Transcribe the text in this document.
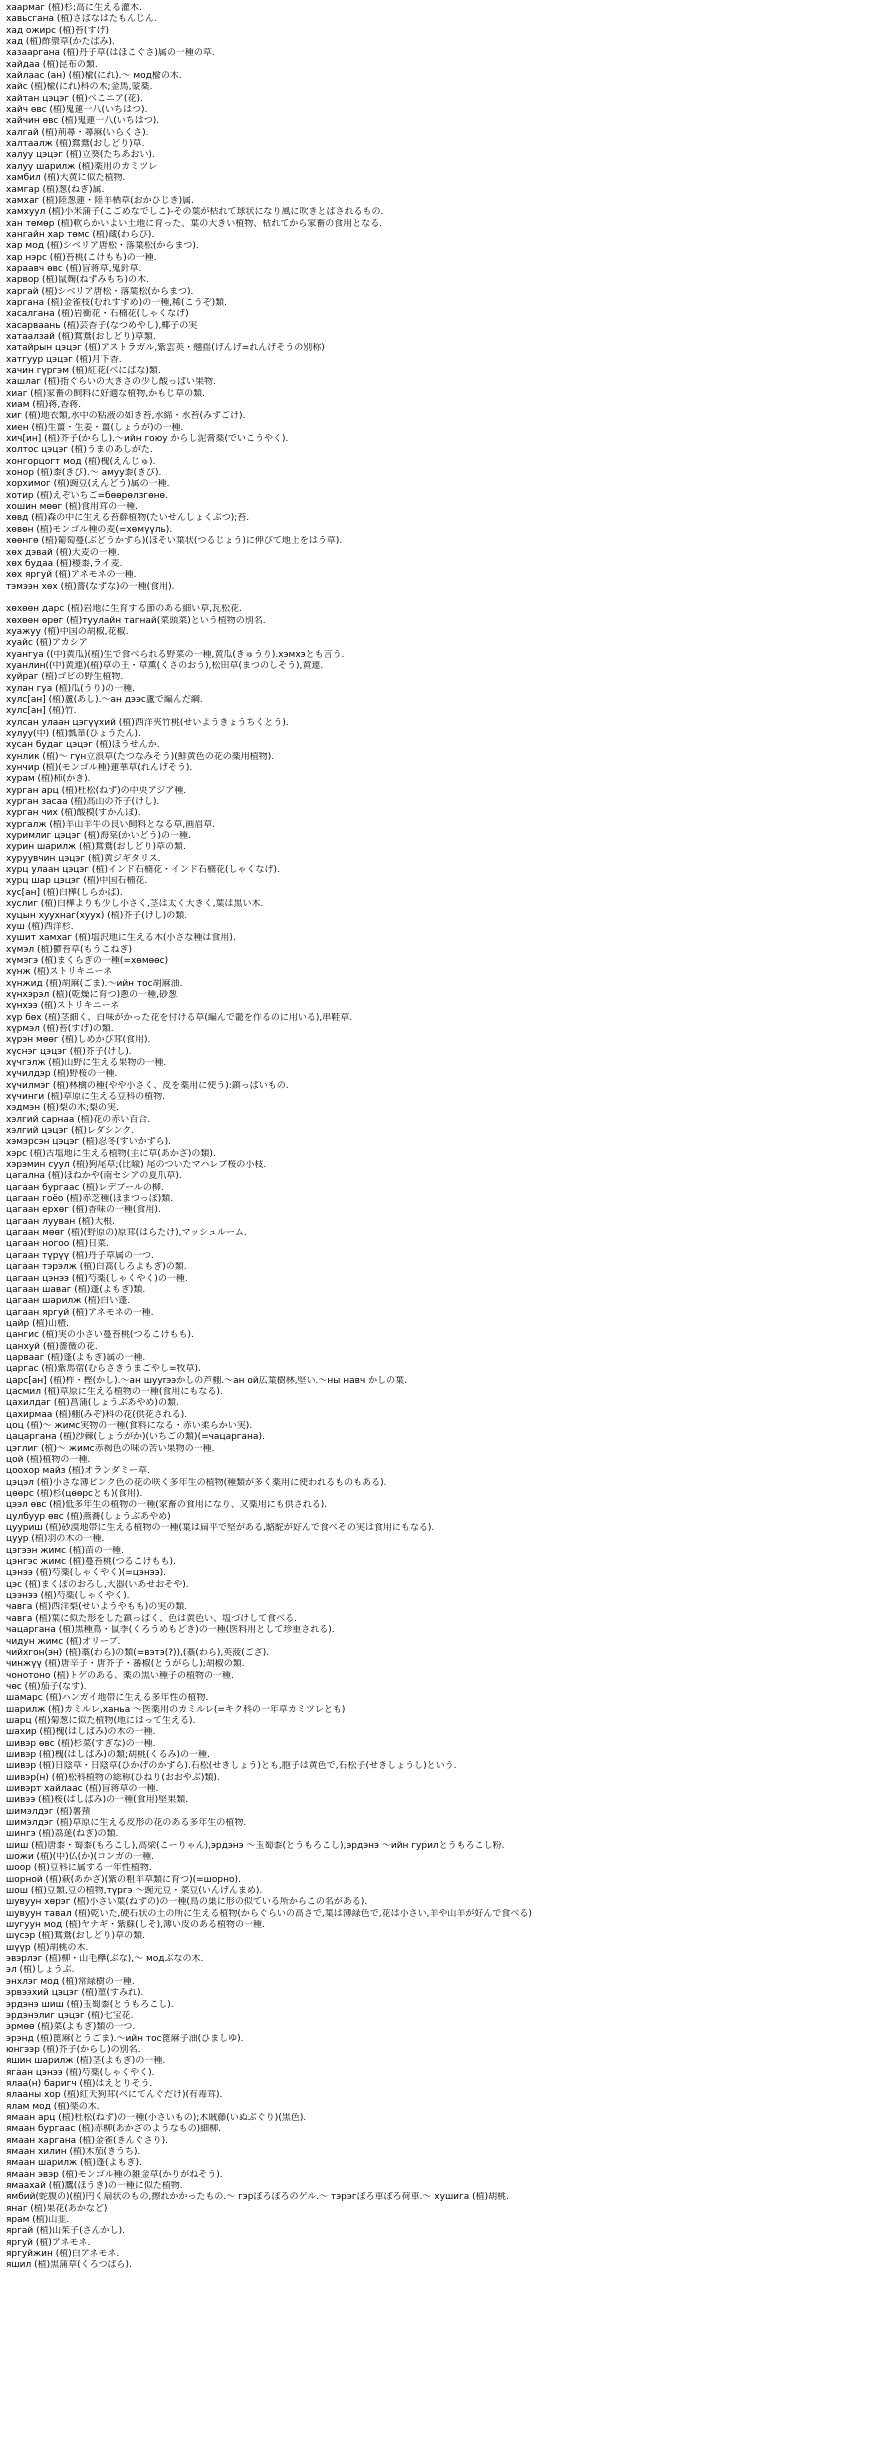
хаармаг (植)杉;高に生える灌木.
хавьсгана (植)さばなはたもんじん.
хад ожирс (植)苔(すげ)
хад (植)酢漿草(かたばみ).
хазаарганa (植)丹子草(はほこぐさ)属の一種の草.
хайдаа (植)昆布の類.
хайлаас (ан) (植)楡(にれ).～ мод楡の木.
хайс (植)楡(にれ)科の木;金馬,蒙薬.
хайтан цэцэг (植)べこニア(花).
хайч өвс (植)鬼蓮一八(いちはつ).
хайчин өвс (植)鬼蓮一八(いちはつ).
халгай (植)荊蕁・蕁麻(いらくさ).
халтаалж (植)鴛鴦(おしどり)草.
халуу цэцэг (植)立葵(たちあおい).
халуу шарилж (植)薬用のカミツレ
хамбил (植)大黄に似た植物.
хамгар (植)葱(ねぎ)属.
хамхаг (植)陸葱蓮・陸羊栖草(おかひじき)属.
хамхуул (植)小米蒲子(こごめなでしこ)-その葉が枯れて球状になり風に吹きとばされるもの.
хан төмөр (植)軟らかいよい土地に育った、葉の大きい植物、枯れてから家畜の食用となる.
хангайн хар төмс (植)蔵(わらび).
хар мод (植)シベリア唐松・落葉松(からまつ).
хар нэрс (植)苔桃(こけもも)の一種.
хараавч өвс (植)盲蒋草,鬼針草.
харвор (植)鼠麹(ねずみもち)の木.
харгай (植)シベリア唐松・落葉松(からまつ).
харгана (植)金雀枝(むれすずめ)の一種,稀(こうぞ)類.
хасалгана (植)岩衝花・石楠花(しゃくなげ)
хасарваань (植)芸香子(なつめやし),椰子の実
хатаалзай (植)鴛鴦(おしどり)草類.
хатайрын цэцэг (植)アストラガル,紫雲英・翹揺(げんげ=れんげそうの別称)
хатгуур цэцэг (植)月下香.
хачин гүргэм (植)紅花(べにばな)類.
хашлаг (植)指ぐらいの大きさの少し酸っぱい果物.
хиаг (植)家畜の飼料に好適な植物,かもじ草の類.
хиам (植)蒋,香蒋.
хиг (植)地衣類,水中の粘液の如き苔,水綿・水苔(みずごけ).
хиен (植)生薑・生姜・薑(しょうが)の一種.
хич[ин] (植)芥子(からし).～ийн гоюу からし泥膏薬(でいこうやく).
холтос цэцэг (植)うまのあしがた.
хонгорцогт мод (植)槐(えんじゅ).
хонор (植)黍(きび).～ амуу黍(きび).
хорхимог (植)豌豆(えんどう)属の一種.
хотир (植)えぞいちご=бөөрөлзгөнө.
хошин мөөг (植)食用茸の一種.
хөвд (植)森の中に生える苔蘚植物(たいせんしょくぶつ);苔.
хөвөн (植)モンゴル種の麦(=хөмүүль).
хөөнгө (植)葡萄蔓(ぶどうかずら)(ほそい葉状(つるじょう)に伸びて地上をはう草).
хөх дэвай (植)大麦の一種.
хөх будаа (植)稷黍,ライ麦.
хөх яргуй (植)アネモネの一種.
тэмээн хөх (植)薔(なずな)の一種(食用).
хөхөөн дарс (植)岩地に生育する節のある細い草,瓦松花.
хөхөөн өрөг (植)туулайн тагнай(菜頭菜)という植物の別名.
хуажуу (植)中国の胡椒,花椒.
хуайс (植)アカシア
хуангуа ((中)黄瓜)(植)生で食べられる野菜の一種,黄瓜(きゅうり).хэмхэとも言う.
хуанлин((中)黄連)(植)草の王・草薫(くさのおう),松田草(まつのしそう),黄連.
хуйраг (植)ゴビの野生植物.
хулан гуа (植)瓜(うり)の一種.
хулс[ан] (植)蘆(あし).～ан дээс蘆で編んだ綱.
хулс[ан] (植)竹.
хулсан улаан цэгүүхий (植)西洋夾竹桃(せいようきょうちくとう).
хулуу(中) (植)瓢箪(ひょうたん).
хусан будаг цэцэг (植)ほうせんか.
хунлик (植)～ гүн立浪草(たつなみそう)(鮮黄色の花の薬用植物).
хунчир (植)(モンゴル種)蓮華草(れんげそう).
хурам (植)柿(かき).
хурган арц (植)杜松(ねず)の中央アジア種.
хурган засаа (植)高山の芥子(けし).
хурган чих (植)酸模(すかんぼ).
хургалж (植)羊山羊牛の良い飼料となる草,画眉草.
хуримлиг цэцэг (植)海棠(かいどう)の一種.
хурин шарилж (植)鴛鴦(おしどり)草の類.
хуруувчин цэцэг (植)黄ジギタリス.
хурц улаан цэцэг (植)インド石楠花・インド石楠花(しゃくなげ).
хурц шар цэцэг (植)中国石楠花.
хус[ан] (植)白樺(しらかば).
хуслиг (植)白樺よりも少し小さく,茎は太く大きく,葉は黒い木.
хуцын хуухнаг(хуух) (植)芥子(けし)の類.
хуш (植)西洋杉.
хушит хамхаг (植)塩沢地に生える木(小さな種は食用).
хүмэл (植)鬱苔草(もうこねぎ)
хүмэгэ (植)まくらぎの一種(=хөмөөс)
хүнж (植)ストリキニーネ
хүнжид (植)胡麻(ごま).～ийн тос胡麻油.
хүнхэрэл (植)(乾燥に育つ)蔥の一種,砂葱
хүнхээ (植)ストリキニーネ
хүр бөх (植)茎細く、白味がかった花を付ける草(編んで籠を作るのに用いる),串鞋草.
хүрмэл (植)苔(すげ)の類.
хүрэн мөөг (植)しめかび茸(食用).
хүснэг цэцэг (植)芥子(けし).
хүчгэлж (植)山野に生える果物の一種.
хүчилдэр (植)野桜の一種.
хүчилмэг (植)林檎の種(やや小さく、皮を薬用に使う):鎮っぱいもの.
хүчинги (植)草原に生える豆科の植物.
хэдмэн (植)梨の木;梨の実.
хэлгий сарнаа (植)花の赤い百合.
хэлгий цэцэг (植)レダシンク.
хэмэрсэн цэцэг (植)忍冬(すいかずら).
хэрс (植)古塩地に生える植物(主に草(あかざ)の類).
хэрэмин суул (植)狗尾草;(比喩) 尾のついたマハレブ桜の小枝.
цагална (植)ほねかや(南セシアの夏爪草).
цагаан бургаас (植)レデブールの柳.
цагаан гоёо (植)赤芝種(ほまつっぽ)類.
цагаан ерхөг (植)香味の一種(食用).
цагаан лууван (植)大根.
цагаан мөөг (植)(野原の)原茸(はらたけ),マッシュルーム.
цагаан ногоо (植)日菜.
цагаан түрүү (植)丹子草属の一つ.
цагаан тэрэлж (植)白蒿(しろよもぎ)の類.
цагаан цэнээ (植)芍薬(しゃくやく)の一種.
цагаан шаваг (植)蓬(よもぎ)類.
цагаан шарилж (植)白い蓬.
цагаан яргуй (植)アネモネの一種.
цайр (植)山楂.
цангис (植)実の小さい蔓苔桃(つるこけもも).
цанхуй (植)薔薇の花.
царвааг (植)蓬(よもぎ)属の一種.
царгас (植)紫馬蓿(むらさきうまごやし=牧草).
царс[ан] (植)柞・樫(かし).～ан шууrээかしの芦棚.～ан ой広葉樹林,堅い.～ны навч かしの葉.
цасмил (植)草原に生える植物の一種(食用にもなる).
цахилдаг (植)菖蒲(しょうぶあやめ)の類.
цахирмаа (植)棚(みぞ)科の花(供花される).
цоц (植)～ жимс実物の一種(食料になる・赤い柔らかい実).
цацаргана (植)沙棘(しょうがか)(いちごの類)(=чацаргана).
цэглиг (植)～ жимс赤褐色の味の苦い果物の一種.
цой (植)植物の一種.
цоохор майз (植)オランダミー草.
цэцэл (植)小さな薄ピンク色の花の咲く多年生の植物(種類が多く薬用に使われるものもある).
цөөрс (植)杉(цөөрсとも)(食用).
цээл өвс (植)低多年生の植物の一種(家畜の食用になり、又薬用にも供される).
цулбуур өвс (植)燕蕎(しょうぶあやめ)
цууриш (植)砂漠地帯に生える植物の一種(葉は扁平で堅がある,駱駝が好んで食べその実は食用にもなる).
цуур (植)羽の木の一種.
цэгээн жимс (植)苗の一種.
цэнгэс жимс (植)蔓苔桃(つるこけもも).
цэнээ (植)芍薬(しゃくやく)(=цэнээ).
цэс (植)まくぽのおろし,大器(いあせおそや).
цээнээ (植)芍薬(しゃくやく).
чавга (植)西洋梨(せいようやもも)の実の類.
чавга (植)葉に似た形をした鎮っぱく、色は黄色い、塩づけして食べる.
чацаргана (植)黒種蔦・鼠季(くろうめもどき)の一種(医料用として珍重される).
чидун жимс (植)オリーブ.
чийхгон(эн) (植)藁(わら)の類(=вэтэ(?)),(藁(わら),英菠(ござ).
чинжүү (植)唐辛子・唐芥子・蕃椒(とうがらし);胡椒の類.
чонотоно (植)トゲのある、薬の黒い種子の植物の一種.
чөс (植)茄子(なす).
шамарс (植)ハンガイ地帯に生える多年性の植物.
шарилж (植)カミルレ,ханьа ～医薬用のカミルレ(=キク科の一年草カミツレとも)
шарц (植)菊葱に似た植物(地にはって生える).
шахир (植)槐(はしばみ)の木の一種.
шивэр өвс (植)杉菜(すぎな)の一種.
шивэр (植)槐(はしばみ)の類;胡桃(くるみ)の一種.
шивэр (植)日陰草・日陰草(ひかげのかずら).石松(せきしょう)とも,胞子は黄色で,石松子(せきしょうし)という.
шивэр(н) (植)松科植物の総称(ひねり(おおやぶ)類).
шивэрт хайлаас (植)盲蒋草の一種.
шивээ (植)桜(はしばみ)の一種(食用)堅果類.
шимэлдэг (植)薯蕷
шимэлдэг (植)草原に生える皮形の花のある多年生の植物.
шингэ (植)茘蒾(ねぎ)の類.
шиш (植)唐黍・蜀黍(もろこし),高梁(こーりゃん),эрдэнэ ～玉蜀黍(とうもろこし),эрдэнэ ～ийн гурилとうもろこし粉.
шожи (植)(中)仏(か)(コンガの一種.
шоор (植)豆科に属する一年性植物.
шорной (植)萩(あかざ)(紫の粗羊草類に育つ)(=шорно).
шош (植)豆類,豆の植物,түргэ ～豌元豆・菜豆(いんげんまめ).
шувуун хөрэг (植)小さい葉(ねずの)の一種(鳥の巣に形の似ている所からこの名がある).
шувуун тавал (植)乾いた,硬石状の土の所に生える植物(からぐらいの高さで,葉は薄緑色で,花は小さい,羊や山羊が好んで食べる)
шугуун мод (植)ヤナギ・紫蘇(しそ),薄い皮のある植物の一種.
шүсэр (植)鴛鴦(おしどり)草の類.
шүүр (植)胡桃の木.
эвэрлэг (植)柳・山毛欅(ぶな),～ модぶなの木.
эл (植)しょうぶ.
энхлэг мод (植)常緑樹の一種.
эрвээхий цэцэг (植)菫(すみれ).
эрдэнэ шиш (植)玉蜀黍(とうもろこし).
эрдэнэлиг цэцэг (植)七宝花.
эрмөө (植)菜(よもぎ)類の一つ.
эрэнд (植)蓖麻(とうごま).～ийн тос蓖麻子油(ひましゆ).
юнгээр (植)芥子(からし)の別名.
яшин шарилж (植)茎(よもぎ)の一種.
ягаан цэнээ (植)芍薬(しゃくやく).
ялаа(н) баригч (植)はえとりそう.
ялааны хор (植)紅天狗茸(べにてんぐだけ)(有毒茸).
ялам мод (植)楽の木.
ямаан арц (植)杜松(ねず)の一種(小さいもの);木賊藤(いぬぶぐり)(黒色).
ямаан бургаас (植)赤柳(あかざのようなもの)細柳.
ямаан харгана (植)金雀(きんぐさり).
ямаан хилин (植)木茄(きうち).
ямаан шарилж (植)蓬(よもぎ).
ямаан эвэр (植)モンゴル種の雑金草(かりがねそう).
ямаахай (植)鷹(ほうき)の一種に似た植物.
ямбий(蛇腹の)(植)円く扇状のもの,擦れかかったもの.～ гэрぼろぼろのゲル.～ тэрэгぼろ車ぼろ荷車.～ хушига (植)胡桃.
янаг (植)果花(あかなど)
ярам (植)山韭.
яргай (植)山茱子(さんかし).
яргуй (植)アネモネ.
яргуйжин (植)白アネモネ.
яшил (植)黒蒲草(くろつばら).
